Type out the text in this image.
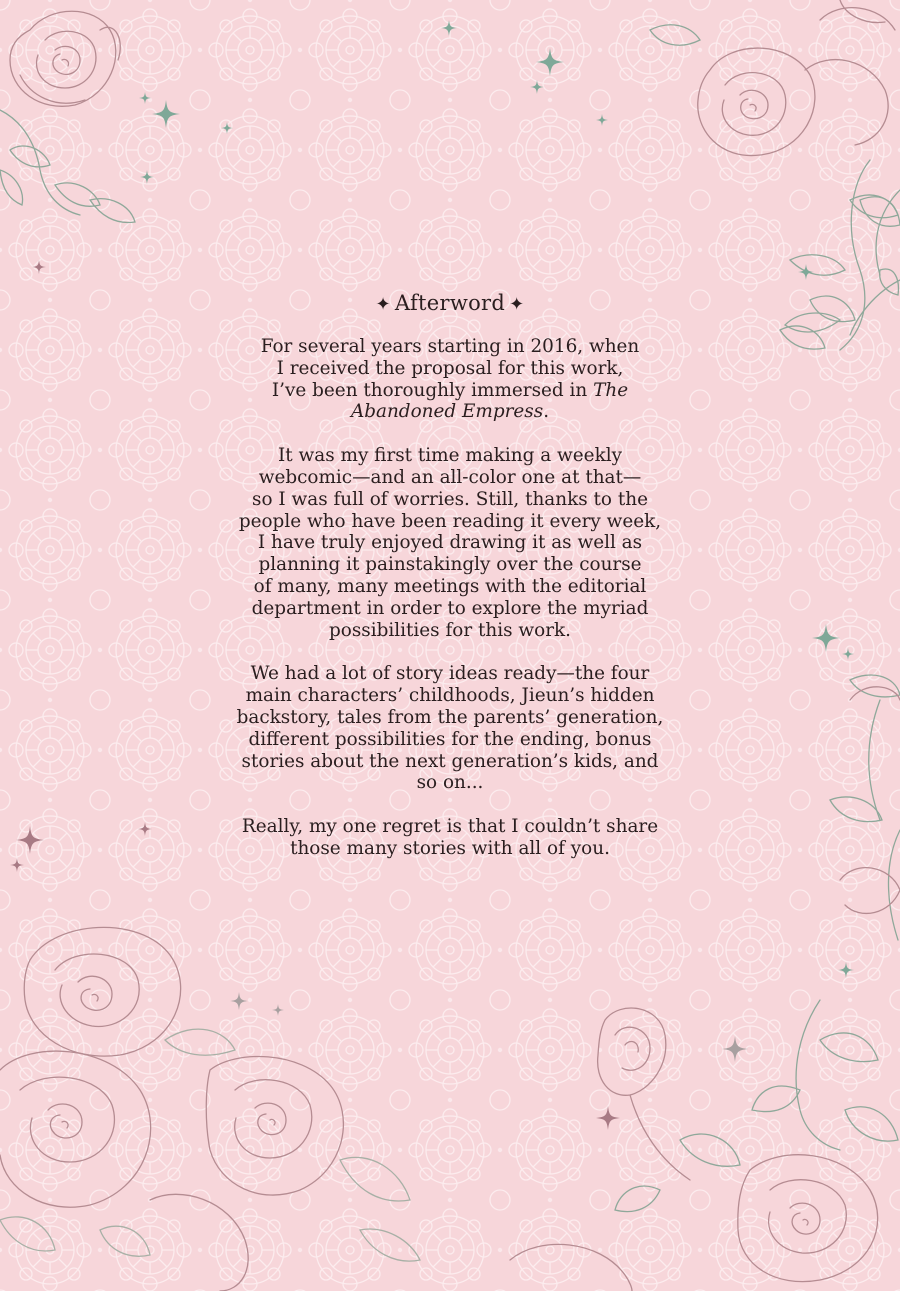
✦ Afterword ✦

For several years starting in 2016, when
I received the proposal for this work,
I’ve been thoroughly immersed in The
Abandoned Empress.

It was my first time making a weekly
webcomic—and an all-color one at that—
so I was full of worries. Still, thanks to the
people who have been reading it every week,
I have truly enjoyed drawing it as well as
planning it painstakingly over the course
of many, many meetings with the editorial
department in order to explore the myriad
possibilities for this work.

We had a lot of story ideas ready—the four
main characters’ childhoods, Jieun’s hidden
backstory, tales from the parents’ generation,
different possibilities for the ending, bonus
stories about the next generation’s kids, and
so on...

Really, my one regret is that I couldn’t share
those many stories with all of you.
